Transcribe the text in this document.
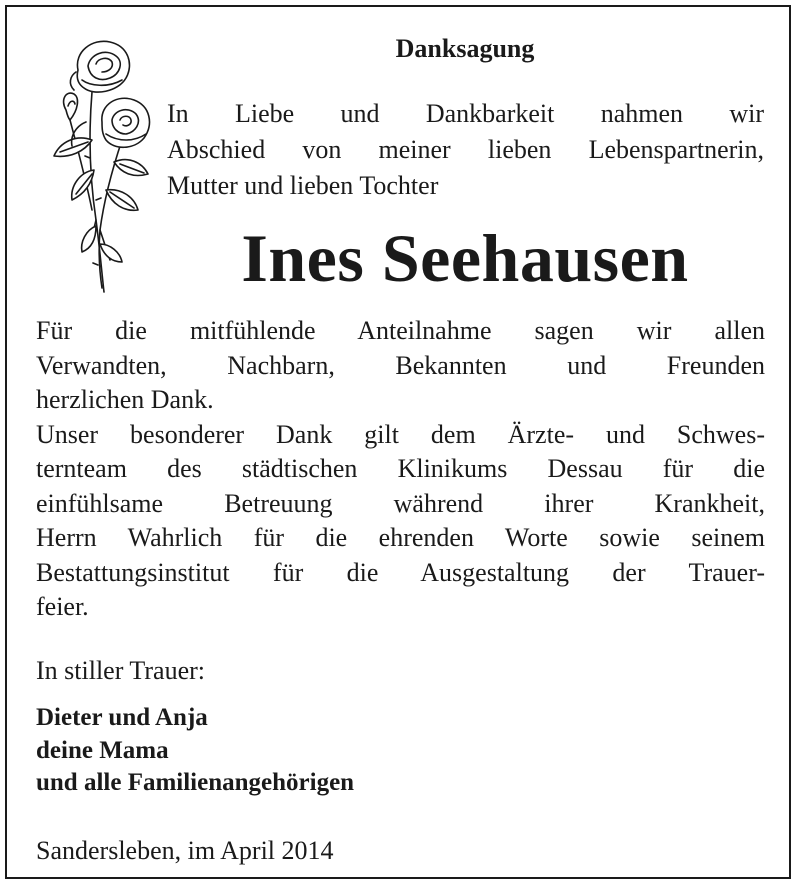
Danksagung
In Liebe und Dankbarkeit nahmen wir
Abschied von meiner lieben Lebenspartnerin,
Mutter und lieben Tochter
Ines Seehausen
Für die mitfühlende Anteilnahme sagen wir allen
Verwandten, Nachbarn, Bekannten und Freunden
herzlichen Dank.
Unser besonderer Dank gilt dem Ärzte- und Schwes-
ternteam des städtischen Klinikums Dessau für die
einfühlsame Betreuung während ihrer Krankheit,
Herrn Wahrlich für die ehrenden Worte sowie seinem
Bestattungsinstitut für die Ausgestaltung der Trauer-
feier.
In stiller Trauer:
Dieter und Anja
deine Mama
und alle Familienangehörigen
Sandersleben, im April 2014
